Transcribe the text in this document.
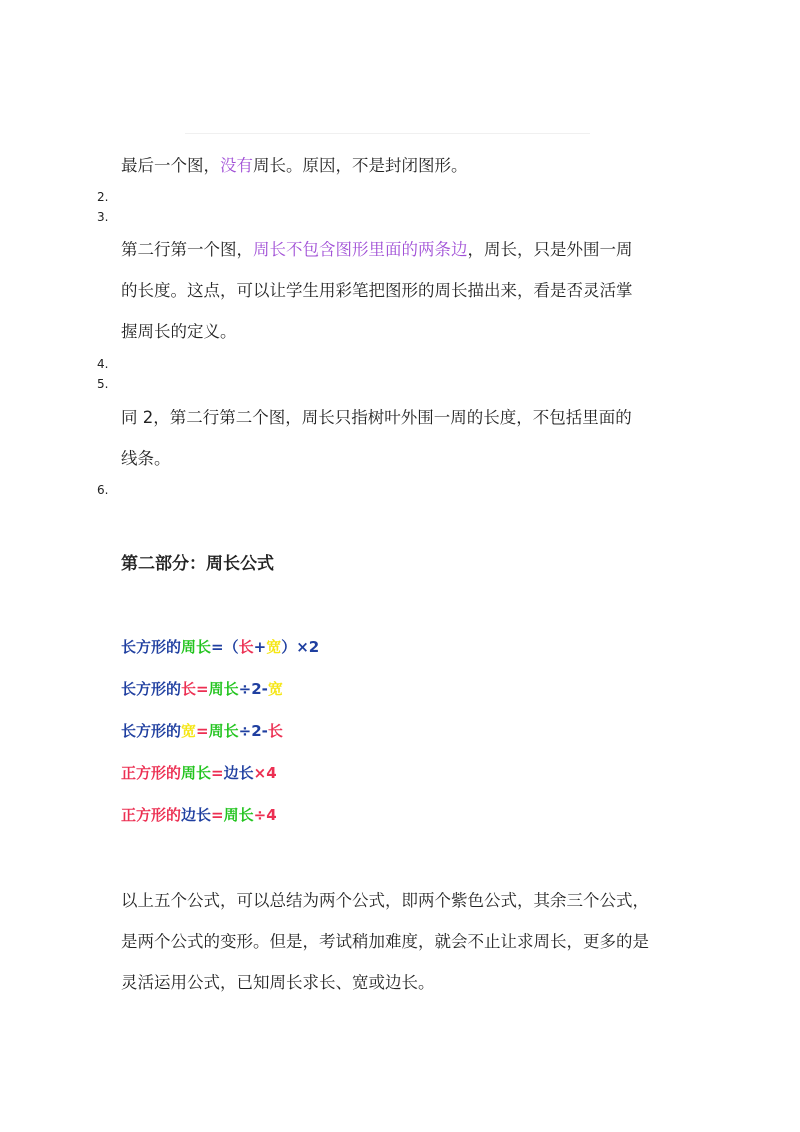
最后一个图，没有周长。原因，不是封闭图形。

2.
3.
第二行第一个图，周长不包含图形里面的两条边，周长，只是外围一周
的长度。这点，可以让学生用彩笔把图形的周长描出来，看是否灵活掌
握周长的定义。
4.
5.
同 2，第二行第二个图，周长只指树叶外围一周的长度，不包括里面的
线条。
6.
第二部分：周长公式
长方形的周长=（长+宽）×2
长方形的长=周长÷2-宽
长方形的宽=周长÷2-长
正方形的周长=边长×4
正方形的边长=周长÷4
以上五个公式，可以总结为两个公式，即两个紫色公式，其余三个公式，
是两个公式的变形。但是，考试稍加难度，就会不止让求周长，更多的是
灵活运用公式，已知周长求长、宽或边长。
